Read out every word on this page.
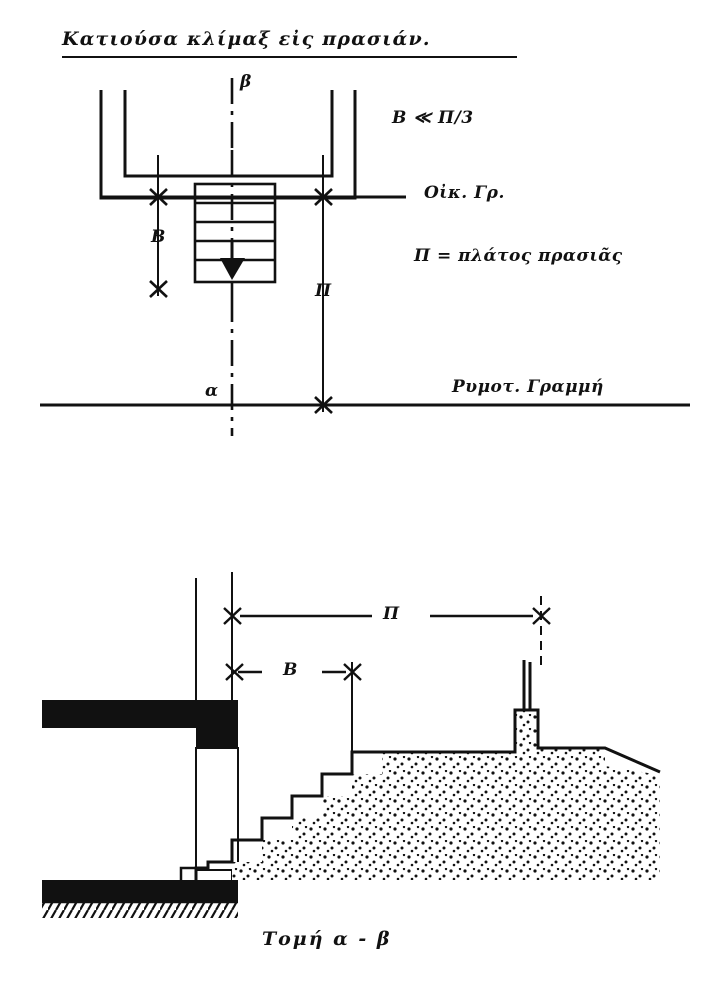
Κατιούσα κλίμαξ εἰς πρασιάν.
Β ≪ Π/3
Οἰκ. Γρ.
Π = πλάτος πρασιᾶς
Ρυμοτ. Γραμμή
β
α
Β
Π
Π
Β
Τομή α - β
